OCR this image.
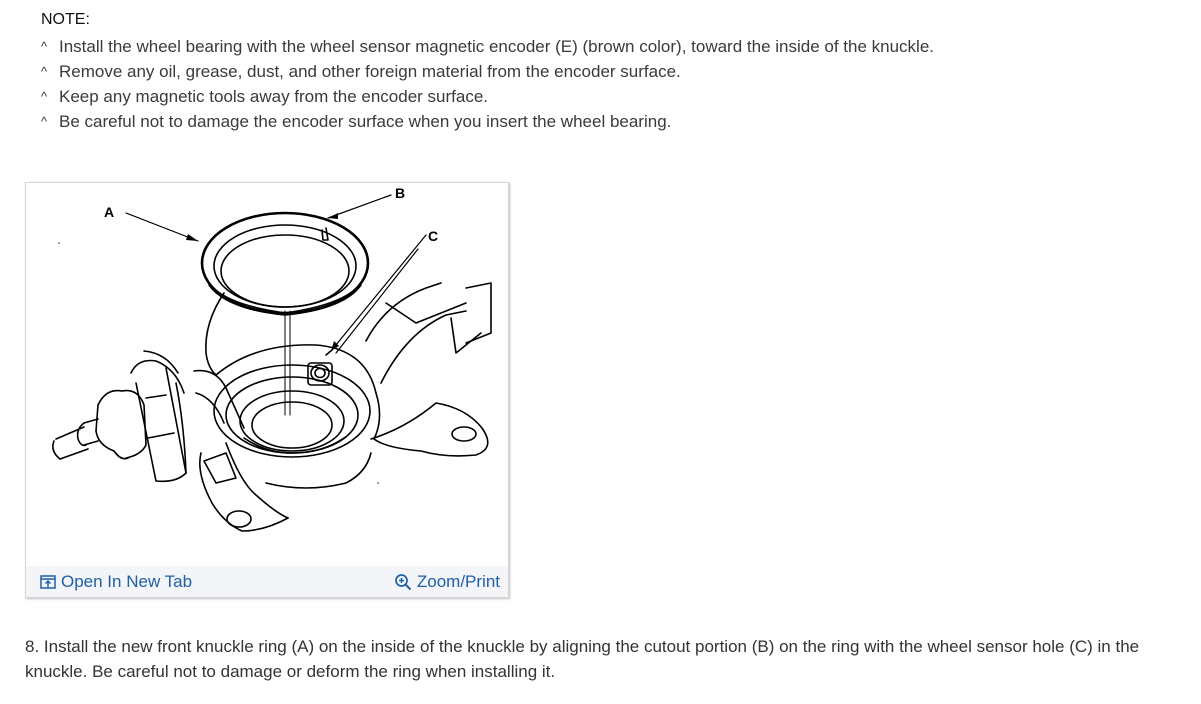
NOTE:
^ Install the wheel bearing with the wheel sensor magnetic encoder (E) (brown color), toward the inside of the knuckle.
^ Remove any oil, grease, dust, and other foreign material from the encoder surface.
^ Keep any magnetic tools away from the encoder surface.
^ Be careful not to damage the encoder surface when you insert the wheel bearing.
A
B
C
Open In New Tab	Zoom/Print

8. Install the new front knuckle ring (A) on the inside of the knuckle by aligning the cutout portion (B) on the ring with the wheel sensor hole (C) in the knuckle. Be careful not to damage or deform the ring when installing it.
